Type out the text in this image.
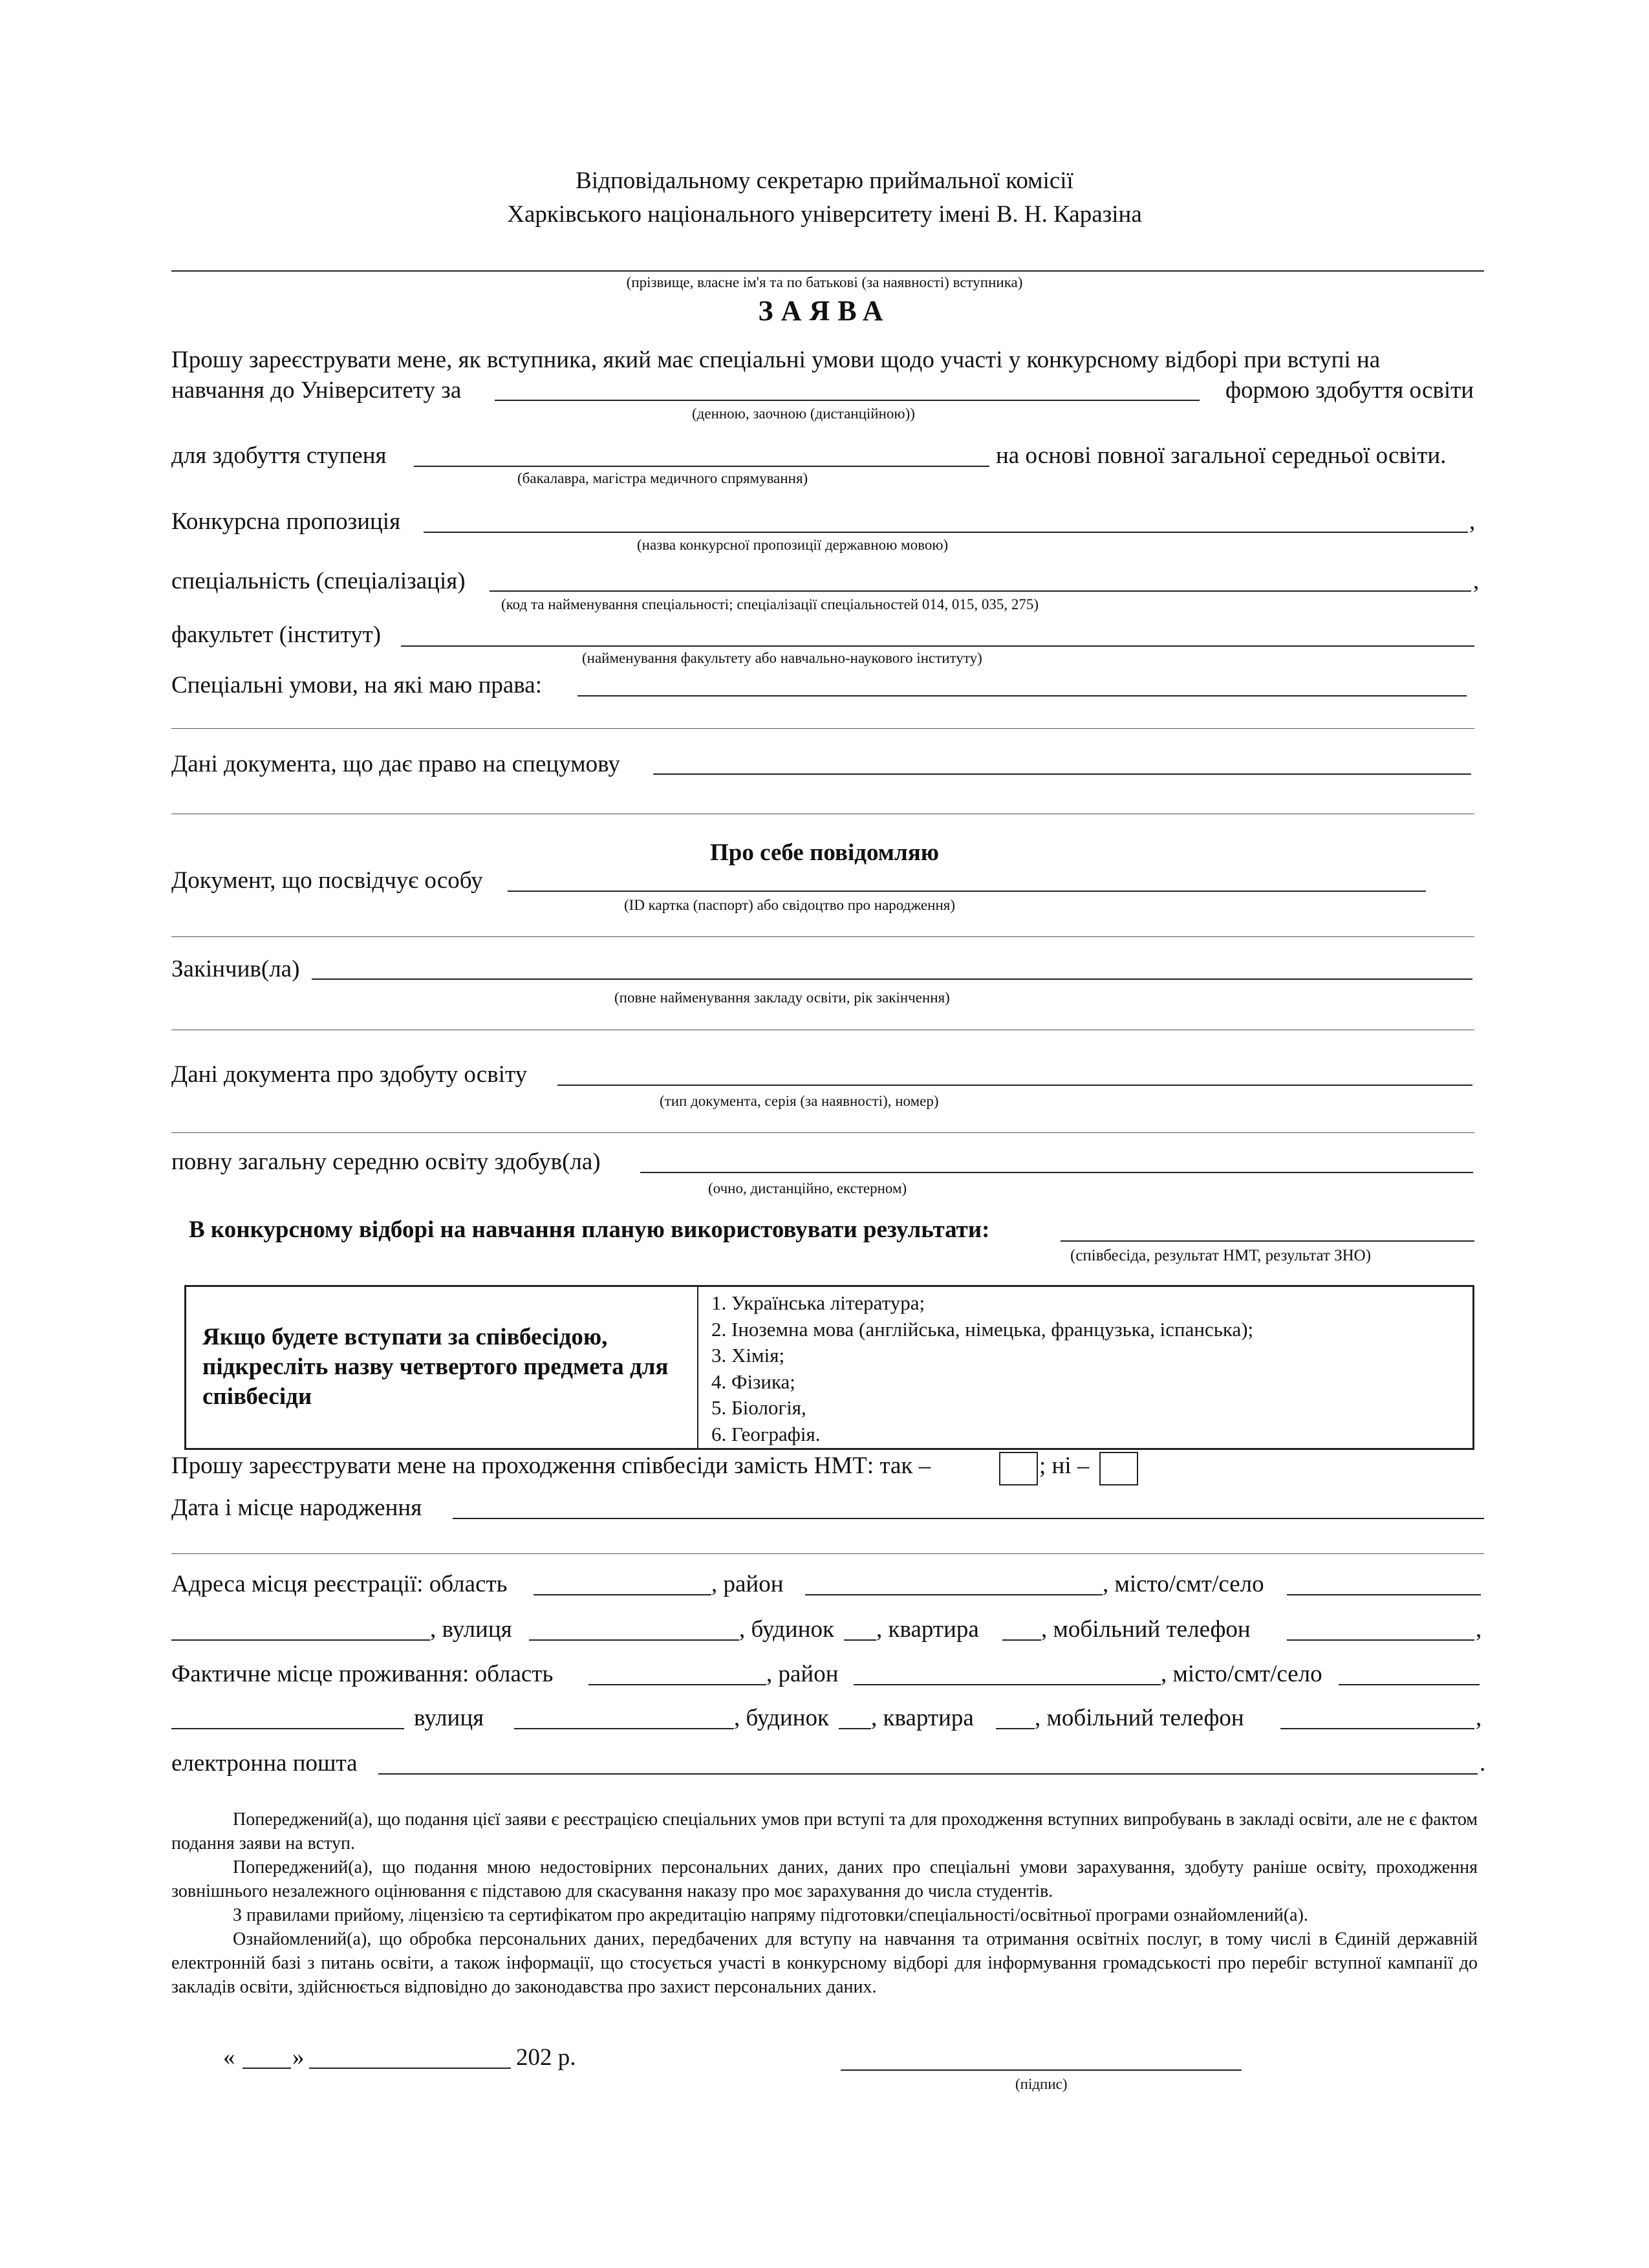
Відповідальному секретарю приймальної комісії
Харківського національного університету імені В. Н. Каразіна
(прізвище, власне ім'я та по батькові (за наявності) вступника)
ЗАЯВА
Прошу зареєструвати мене, як вступника, який має спеціальні умови щодо участі у конкурсному відборі при вступі на
навчання до Університету за	формою здобуття освіти
(денною, заочною (дистанційною))
для здобуття ступеня	на основі повної загальної середньої освіти.
(бакалавра, магістра медичного спрямування)
Конкурсна пропозиція	,
(назва конкурсної пропозиції державною мовою)
спеціальність (спеціалізація)	,
(код та найменування спеціальності; спеціалізації спеціальностей 014, 015, 035, 275)
факультет (інститут)
(найменування факультету або навчально-наукового інституту)
Спеціальні умови, на які маю права:
Дані документа, що дає право на спецумову
Про себе повідомляю
Документ, що посвідчує особу
(ID картка (паспорт) або свідоцтво про народження)
Закінчив(ла)
(повне найменування закладу освіти, рік закінчення)
Дані документа про здобуту освіту
(тип документа, серія (за наявності), номер)
повну загальну середню освіту здобув(ла)
(очно, дистанційно, екстерном)
В конкурсному відборі на навчання планую використовувати результати:
(співбесіда, результат НМТ, результат ЗНО)
Якщо будете вступати за співбесідою, підкресліть назву четвертого предмета для співбесіди
1. Українська література;
2. Іноземна мова (англійська, німецька, французька, іспанська);
3. Хімія;
4. Фізика;
5. Біологія,
6. Географія.
Прошу зареєструвати мене на проходження співбесіди замість НМТ: так –	; ні –
Дата і місце народження
Адреса місця реєстрації: область	, район	, місто/смт/село
, вулиця	, будинок , квартира	, мобільний телефон	,
Фактичне місце проживання: область	, район	, місто/смт/село
вулиця	, будинок , квартира	, мобільний телефон	,
електронна пошта	.

Попереджений(а), що подання цієї заяви є реєстрацією спеціальних умов при вступі та для проходження вступних випробувань в закладі освіти, але не є фактом подання заяви на вступ.

Попереджений(а), що подання мною недостовірних персональних даних, даних про спеціальні умови зарахування, здобуту раніше освіту, проходження зовнішнього незалежного оцінювання є підставою для скасування наказу про моє зарахування до числа студентів.

З правилами прийому, ліцензією та сертифікатом про акредитацію напряму підготовки/спеціальності/освітньої програми ознайомлений(а).

Ознайомлений(а), що обробка персональних даних, передбачених для вступу на навчання та отримання освітніх послуг, в тому числі в Єдиній державній електронній базі з питань освіти, а також інформації, що стосується участі в конкурсному відборі для інформування громадськості про перебіг вступної кампанії до закладів освіти, здійснюється відповідно до законодавства про захист персональних даних.

« »	202 р.
(підпис)
